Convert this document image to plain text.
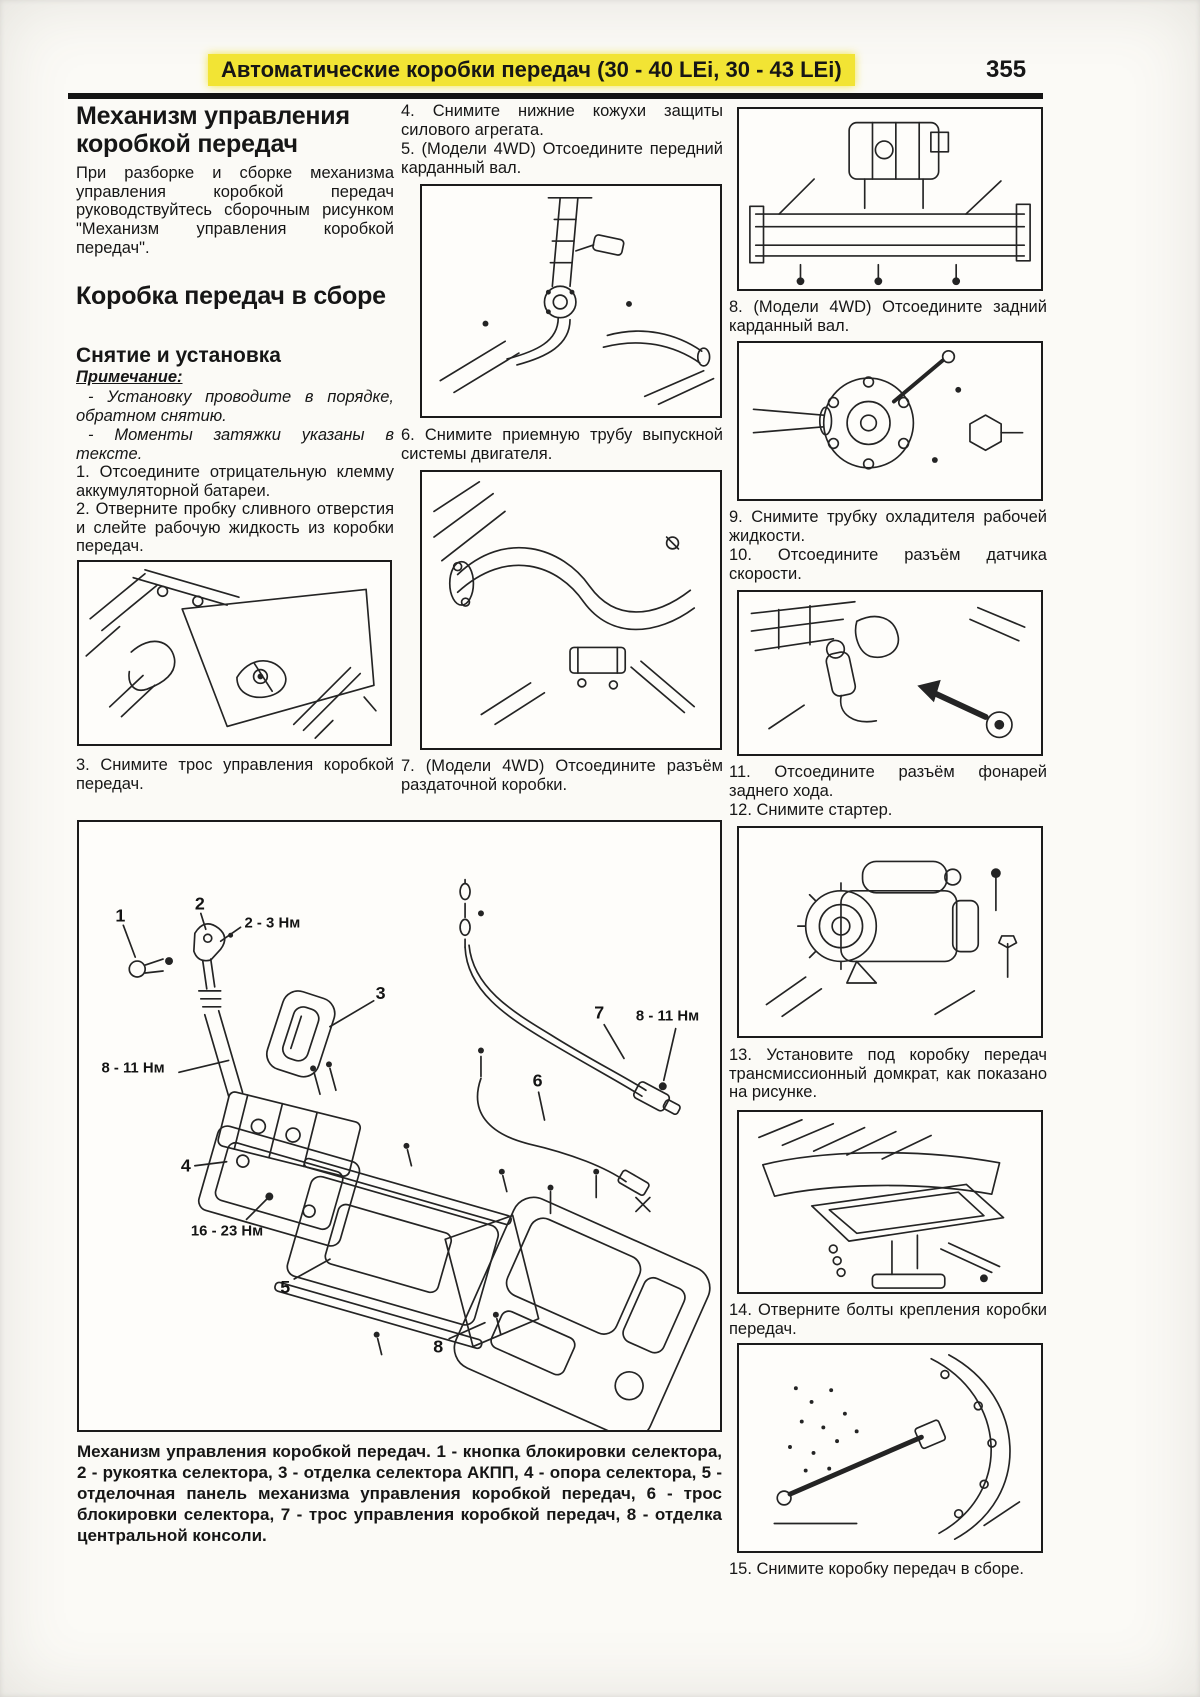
Автоматические коробки передач (30 - 40 LEi, 30 - 43 LEi)	355
Механизм управления коробкой передач
При разборке и сборке механизма управления коробкой передач руководствуйтесь сборочным рисунком "Механизм управления коробкой передач".
Коробка передач в сборе
Снятие и установка
Примечание:
- Установку проводите в порядке, обратном снятию.
- Моменты затяжки указаны в тексте.
1. Отсоедините отрицательную клемму аккумуляторной батареи.
2. Отверните пробку сливного отверстия и слейте рабочую жидкость из коробки передач.
3. Снимите трос управления коробкой передач.
4. Снимите нижние кожухи защиты силового агрегата.
5. (Модели 4WD) Отсоедините передний карданный вал.
6. Снимите приемную трубу выпускной системы двигателя.
7. (Модели 4WD) Отсоедините разъём раздаточной коробки.
8. (Модели 4WD) Отсоедините задний карданный вал.
9. Снимите трубку охладителя рабочей жидкости.
10. Отсоедините разъём датчика скорости.
11. Отсоедините разъём фонарей заднего хода.
12. Снимите стартер.
13. Установите под коробку передач трансмиссионный домкрат, как показано на рисунке.
14. Отверните болты крепления коробки передач.
15. Снимите коробку передач в сборе.
1
2
2 - 3 Нм
3
8 - 11 Нм
4
16 - 23 Нм
5
6
7 8 - 11 Нм
8
Механизм управления коробкой передач. 1 - кнопка блокировки селектора, 2 - рукоятка селектора, 3 - отделка селектора АКПП, 4 - опора селектора, 5 - отделочная панель механизма управления коробкой передач, 6 - трос блокировки селектора, 7 - трос управления коробкой передач, 8 - отделка центральной консоли.
